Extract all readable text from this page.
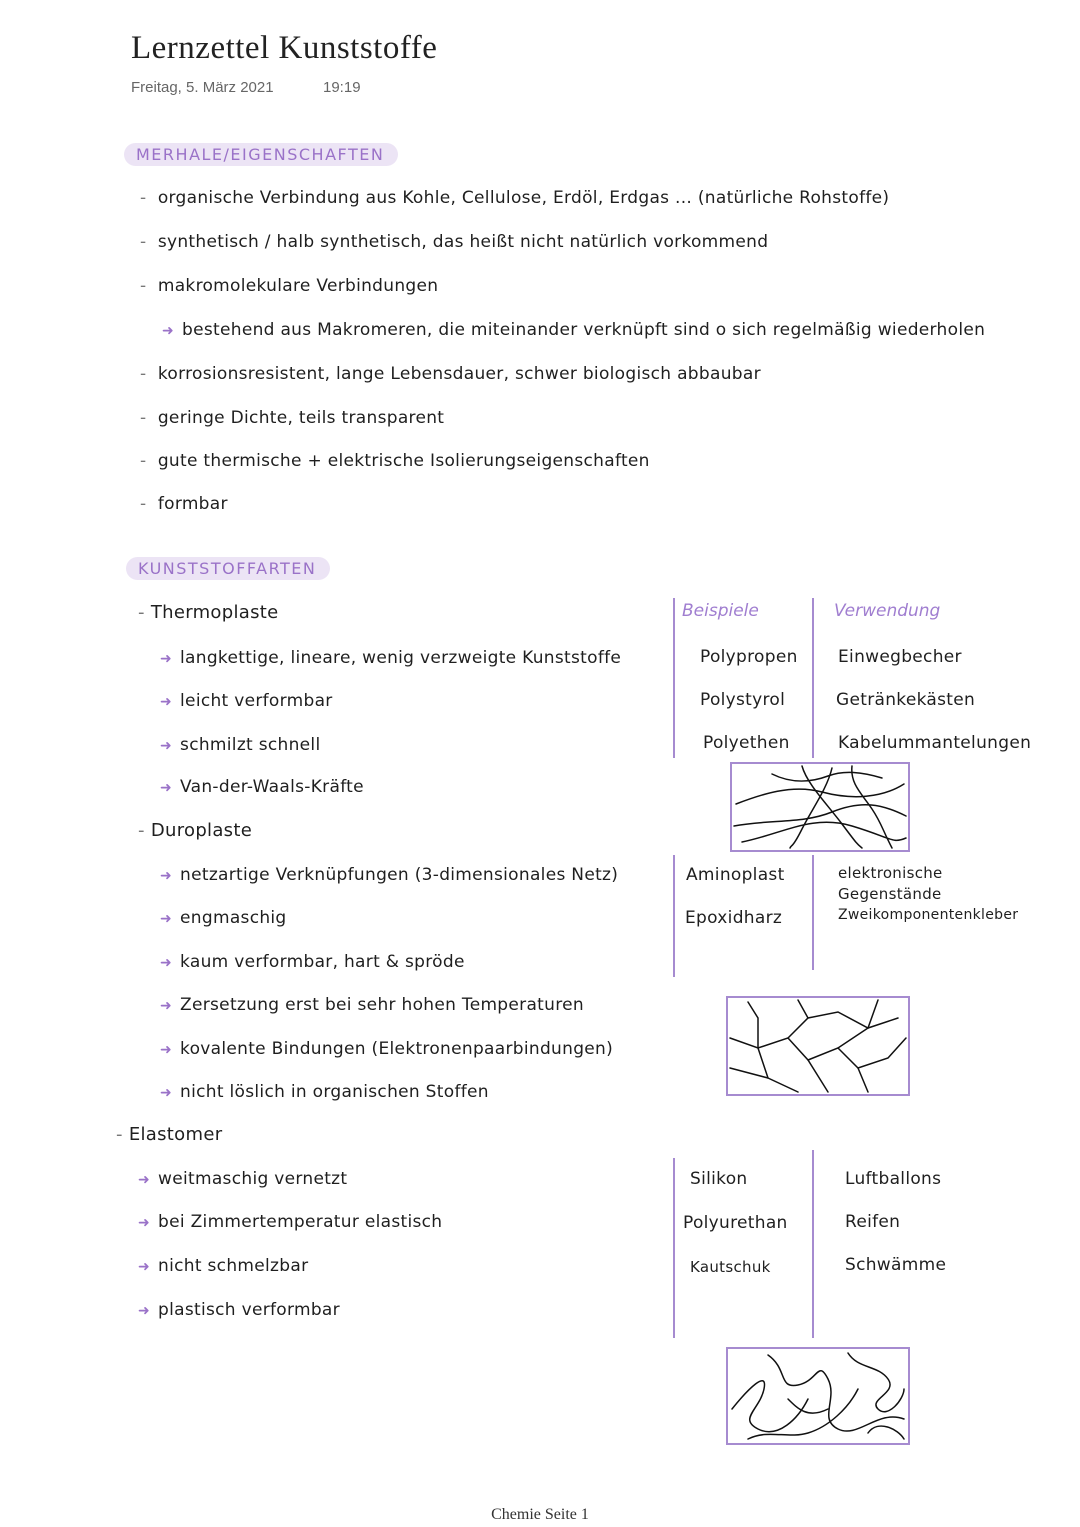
Lernzettel Kunststoffe
Freitag, 5. März 2021	19:19
MERHALE/EIGENSCHAFTEN
-  organische Verbindung aus Kohle, Cellulose, Erdöl, Erdgas ... (natürliche Rohstoffe)
-  synthetisch / halb synthetisch, das heißt nicht natürlich vorkommend
-  makromolekulare Verbindungen
➜ bestehend aus Makromeren, die miteinander verknüpft sind o sich regelmäßig wiederholen
-  korrosionsresistent, lange Lebensdauer, schwer biologisch abbaubar
-  geringe Dichte, teils transparent
-  gute thermische + elektrische Isolierungseigenschaften
-  formbar
KUNSTSTOFFARTEN
- Thermoplaste
➜ langkettige, lineare, wenig verzweigte Kunststoffe
➜ leicht verformbar
➜ schmilzt schnell
➜ Van-der-Waals-Kräfte
Beispiele	Verwendung
Polypropen
Polystyrol
Polyethen
Einwegbecher
Getränkekästen
Kabelummantelungen
- Duroplaste
➜ netzartige Verknüpfungen (3-dimensionales Netz)
➜ engmaschig
➜ kaum verformbar, hart & spröde
➜ Zersetzung erst bei sehr hohen Temperaturen
➜ kovalente Bindungen (Elektronenpaarbindungen)
➜ nicht löslich in organischen Stoffen
Aminoplast
Epoxidharz
elektronische
Gegenstände
Zweikomponentenkleber
- Elastomer
➜ weitmaschig vernetzt
➜ bei Zimmertemperatur elastisch
➜ nicht schmelzbar
➜ plastisch verformbar
Silikon
Polyurethan
Kautschuk
Luftballons
Reifen
Schwämme
Chemie Seite 1
